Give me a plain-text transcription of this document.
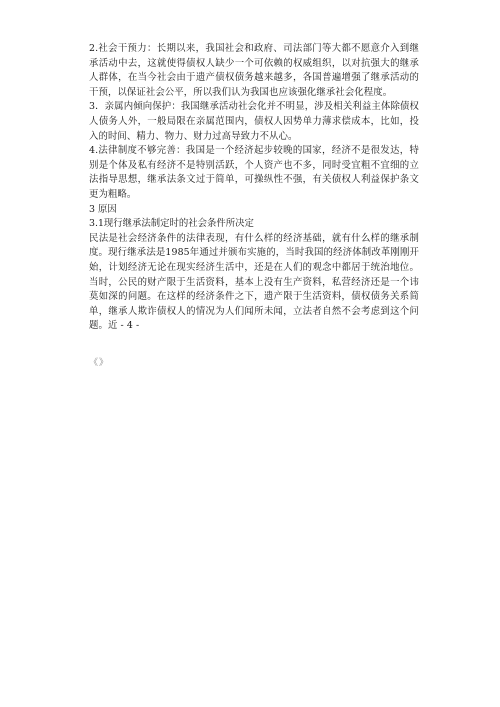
2.社会干预力：长期以来，我国社会和政府、司法部门等大都不愿意介入到继承活动中去，这就使得债权人缺少一个可依赖的权威组织，以对抗强大的继承人群体，在当今社会由于遗产债权债务越来越多，各国普遍增强了继承活动的干预，以保证社会公平，所以我们认为我国也应该强化继承社会化程度。

3．亲属内倾向保护：我国继承活动社会化并不明显，涉及相关利益主体除债权人债务人外，一般局限在亲属范围内，债权人因势单力薄求偿成本，比如，投入的时间、精力、物力、财力过高导致力不从心。

4.法律制度不够完善：我国是一个经济起步较晚的国家，经济不是很发达，特别是个体及私有经济不是特别活跃，个人资产也不多，同时受宜粗不宜细的立法指导思想，继承法条文过于简单，可操纵性不强，有关债权人利益保护条文更为粗略。

3 原因

3.1现行继承法制定时的社会条件所决定

民法是社会经济条件的法律表现，有什么样的经济基础，就有什么样的继承制度。现行继承法是1985年通过并颁布实施的，当时我国的经济体制改革刚刚开始，计划经济无论在现实经济生活中，还是在人们的观念中都居于统治地位。当时，公民的财产限于生活资料，基本上没有生产资料，私营经济还是一个讳莫如深的问题。在这样的经济条件之下，遗产限于生活资料，债权债务关系简单，继承人欺诈债权人的情况为人们闻所未闻，立法者自然不会考虑到这个问题。近 - 4 -

《》
